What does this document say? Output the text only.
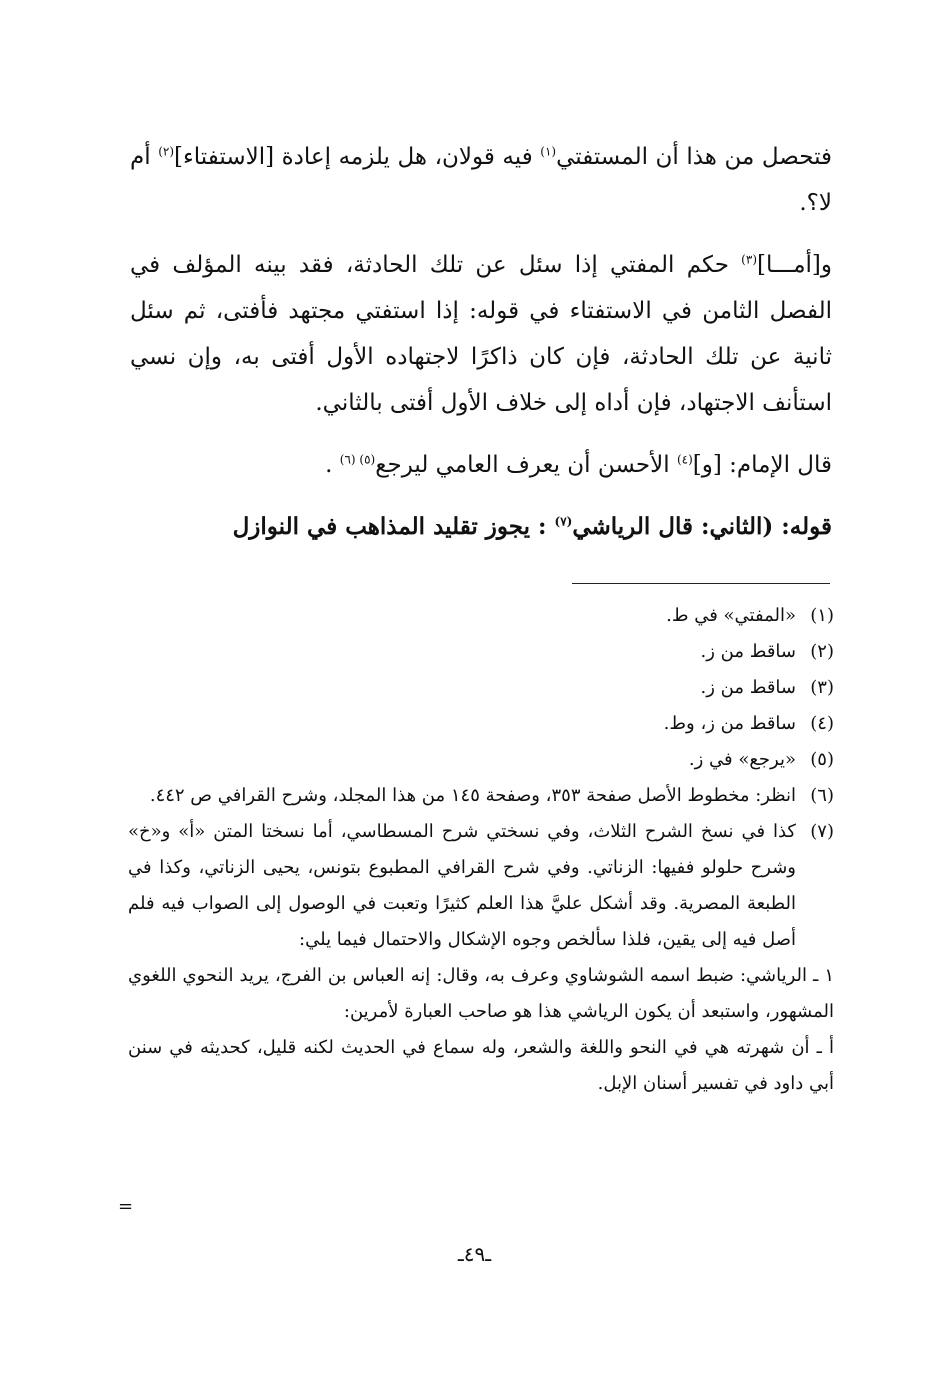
فتحصل من هذا أن المستفتي$^{(١)}$ فيه قولان، هل يلزمه إعادة [الاستفتاء]$^{(٢)}$ أم لا؟.

و[أمـــا]$^{(٣)}$ حكم المفتي إذا سئل عن تلك الحادثة، فقد بينه المؤلف في الفصل الثامن في الاستفتاء في قوله: إذا استفتي مجتهد فأفتى، ثم سئل ثانية عن تلك الحادثة، فإن كان ذاكرًا لاجتهاده الأول أفتى به، وإن نسي استأنف الاجتهاد، فإن أداه إلى خلاف الأول أفتى بالثاني.

قال الإمام: [و]$^{(٤)}$ الأحسن أن يعرف العامي ليرجع$^{(٥) (٦)}$ .

قوله: (الثاني: قال الرياشي$^{(٧)}$ : يجوز تقليد المذاهب في النوازل

(١)
«المفتي» في ط.
(٢)
ساقط من ز.
(٣)
ساقط من ز.
(٤)
ساقط من ز، وط.
(٥)
«يرجع» في ز.
(٦)
انظر: مخطوط الأصل صفحة ٣٥٣، وصفحة ١٤٥ من هذا المجلد، وشرح القرافي ص ٤٤٢.
(٧)
كذا في نسخ الشرح الثلاث، وفي نسختي شرح المسطاسي، أما نسختا المتن «أ» و«خ» وشرح حلولو ففيها: الزناتي. وفي شرح القرافي المطبوع بتونس، يحيى الزناتي، وكذا في الطبعة المصرية. وقد أشكل عليَّ هذا العلم كثيرًا وتعبت في الوصول إلى الصواب فيه فلم أصل فيه إلى يقين، فلذا سألخص وجوه الإشكال والاحتمال فيما يلي:
١ ـ الرياشي: ضبط اسمه الشوشاوي وعرف به، وقال: إنه العباس بن الفرج، يريد النحوي اللغوي المشهور، واستبعد أن يكون الرياشي هذا هو صاحب العبارة لأمرين:
أ ـ أن شهرته هي في النحو واللغة والشعر، وله سماع في الحديث لكنه قليل، كحديثه في سنن أبي داود في تفسير أسنان الإبل.
=
ـ٤٩ـ
